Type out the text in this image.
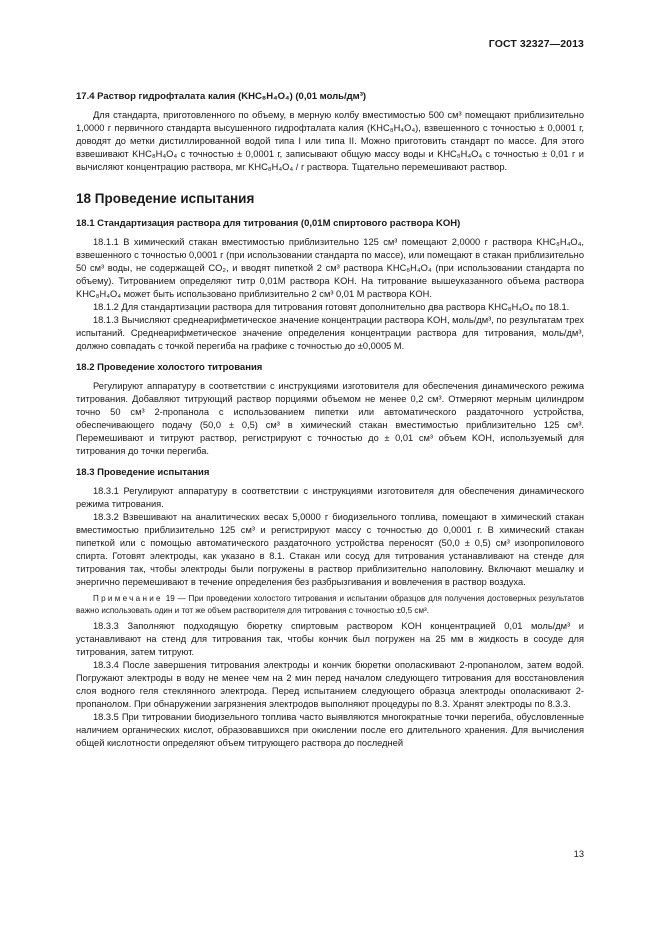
ГОСТ 32327—2013
17.4 Раствор гидрофталата калия (KHC₈H₄O₄) (0,01 моль/дм³)

Для стандарта, приготовленного по объему, в мерную колбу вместимостью 500 см³ помещают приблизительно 1,0000 г первичного стандарта высушенного гидрофталата калия (KHC₈H₄O₄), взвешенного с точностью ± 0,0001 г, доводят до метки дистиллированной водой типа I или типа II. Можно приготовить стандарт по массе. Для этого взвешивают KHC₈H₄O₄ с точностью ± 0,0001 г, записывают общую массу воды и KHC₈H₄O₄ с точностью ± 0,01 г и вычисляют концентрацию раствора, мг KHC₈H₄O₄ / г раствора. Тщательно перемешивают раствор.

18 Проведение испытания
18.1 Стандартизация раствора для титрования (0,01М спиртового раствора KOH)

18.1.1 В химический стакан вместимостью приблизительно 125 см³ помещают 2,0000 г раствора KHC₈H₄O₄, взвешенного с точностью 0,0001 г (при использовании стандарта по массе), или помещают в стакан приблизительно 50 см³ воды, не содержащей CO₂, и вводят пипеткой 2 см³ раствора KHC₈H₄O₄ (при использовании стандарта по объему). Титрованием определяют титр 0,01М раствора KOH. На титрование вышеуказанного объема раствора KHC₈H₄O₄ может быть использовано приблизительно 2 см³ 0,01 М раствора KOH.

18.1.2 Для стандартизации раствора для титрования готовят дополнительно два раствора KHC₈H₄O₄ по 18.1.

18.1.3 Вычисляют среднеарифметическое значение концентрации раствора KOH, моль/дм³, по результатам трех испытаний. Среднеарифметическое значение определения концентрации раствора для титрования, моль/дм³, должно совпадать с точкой перегиба на графике с точностью до ±0,0005 М.

18.2 Проведение холостого титрования

Регулируют аппаратуру в соответствии с инструкциями изготовителя для обеспечения динамического режима титрования. Добавляют титрующий раствор порциями объемом не менее 0,2 см³. Отмеряют мерным цилиндром точно 50 см³ 2-пропанола с использованием пипетки или автоматического раздаточного устройства, обеспечивающего подачу (50,0 ± 0,5) см³ в химический стакан вместимостью приблизительно 125 см³. Перемешивают и титруют раствор, регистрируют с точностью до ± 0,01 см³ объем KOH, используемый для титрования до точки перегиба.

18.3 Проведение испытания

18.3.1 Регулируют аппаратуру в соответствии с инструкциями изготовителя для обеспечения динамического режима титрования.

18.3.2 Взвешивают на аналитических весах 5,0000 г биодизельного топлива, помещают в химический стакан вместимостью приблизительно 125 см³ и регистрируют массу с точностью до 0,0001 г. В химический стакан пипеткой или с помощью автоматического раздаточного устройства переносят (50,0 ± 0,5) см³ изопропилового спирта. Готовят электроды, как указано в 8.1. Стакан или сосуд для титрования устанавливают на стенде для титрования так, чтобы электроды были погружены в раствор приблизительно наполовину. Включают мешалку и энергично перемешивают в течение определения без разбрызгивания и вовлечения в раствор воздуха.

Примечание 19 — При проведении холостого титрования и испытании образцов для получения достоверных результатов важно использовать один и тот же объем растворителя для титрования с точностью ±0,5 см³.

18.3.3 Заполняют подходящую бюретку спиртовым раствором KOH концентрацией 0,01 моль/дм³ и устанавливают на стенд для титрования так, чтобы кончик был погружен на 25 мм в жидкость в сосуде для титрования, затем титруют.

18.3.4 После завершения титрования электроды и кончик бюретки ополаскивают 2-пропанолом, затем водой. Погружают электроды в воду не менее чем на 2 мин перед началом следующего титрования для восстановления слоя водного геля стеклянного электрода. Перед испытанием следующего образца электроды ополаскивают 2-пропанолом. При обнаружении загрязнения электродов выполняют процедуры по 8.3. Хранят электроды по 8.3.3.

18.3.5 При титровании биодизельного топлива часто выявляются многократные точки перегиба, обусловленные наличием органических кислот, образовавшихся при окислении после его длительного хранения. Для вычисления общей кислотности определяют объем титрующего раствора до последней

13
